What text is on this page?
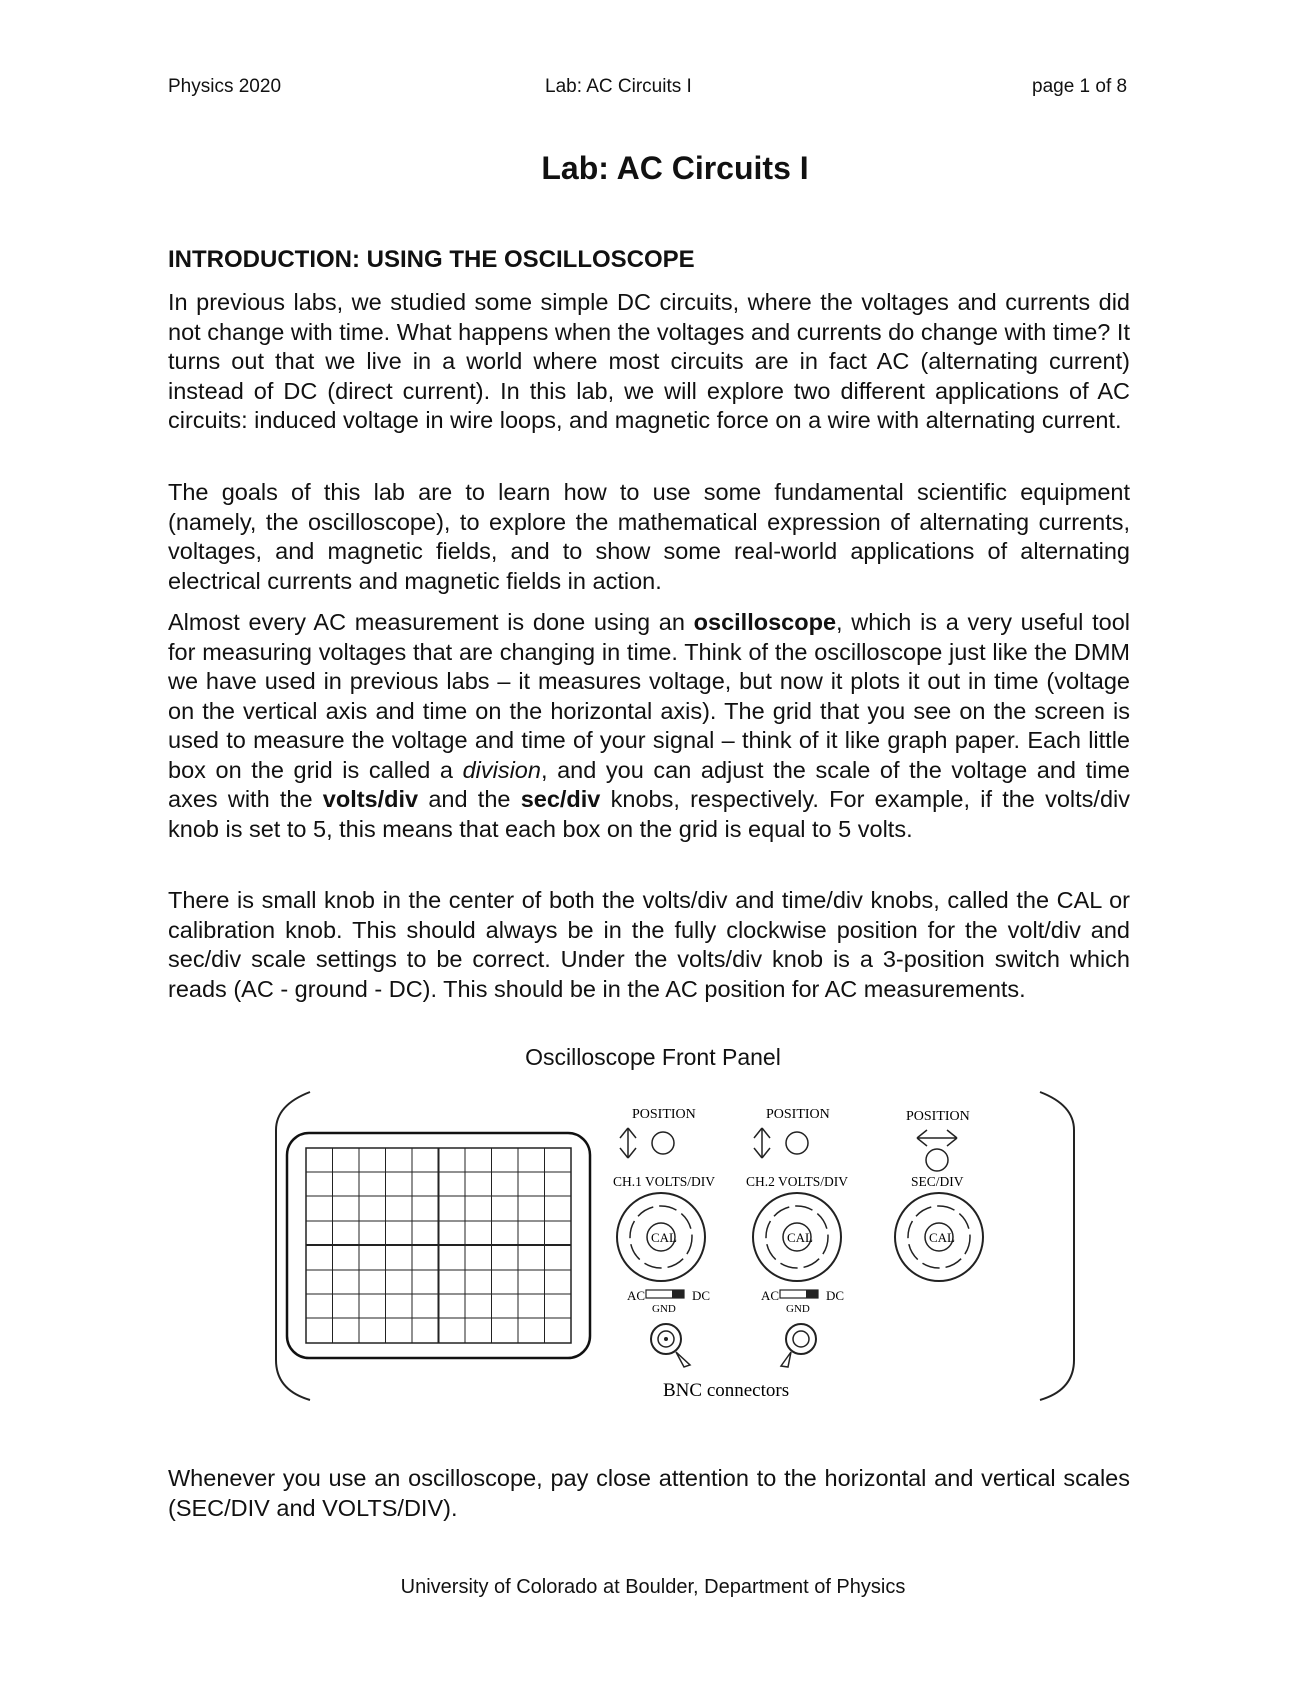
Physics 2020	Lab: AC Circuits I	page 1 of 8
Lab: AC Circuits I
INTRODUCTION: USING THE OSCILLOSCOPE

In previous labs, we studied some simple DC circuits, where the voltages and currents did not change with time. What happens when the voltages and currents do change with time? It turns out that we live in a world where most circuits are in fact AC (alternating current) instead of DC (direct current). In this lab, we will explore two different applications of AC circuits: induced voltage in wire loops, and magnetic force on a wire with alternating current.

The goals of this lab are to learn how to use some fundamental scientific equipment (namely, the oscilloscope), to explore the mathematical expression of alternating currents, voltages, and magnetic fields, and to show some real-world applications of alternating electrical currents and magnetic fields in action.

Almost every AC measurement is done using an oscilloscope, which is a very useful tool for measuring voltages that are changing in time. Think of the oscilloscope just like the DMM we have used in previous labs – it measures voltage, but now it plots it out in time (voltage on the vertical axis and time on the horizontal axis). The grid that you see on the screen is used to measure the voltage and time of your signal – think of it like graph paper. Each little box on the grid is called a division, and you can adjust the scale of the voltage and time axes with the volts/div and the sec/div knobs, respectively. For example, if the volts/div knob is set to 5, this means that each box on the grid is equal to 5 volts.

There is small knob in the center of both the volts/div and time/div knobs, called the CAL or calibration knob. This should always be in the fully clockwise position for the volt/div and sec/div scale settings to be correct. Under the volts/div knob is a 3-position switch which reads (AC - ground - DC). This should be in the AC position for AC measurements.

Oscilloscope Front Panel
POSITION	POSITION	POSITION
CH.1 VOLTS/DIV CH.2 VOLTS/DIV	SEC/DIV
CAL	CAL	CAL
AC	DC
GND
AC	DC
GND
BNC connectors

Whenever you use an oscilloscope, pay close attention to the horizontal and vertical scales (SEC/DIV and VOLTS/DIV).

University of Colorado at Boulder, Department of Physics
